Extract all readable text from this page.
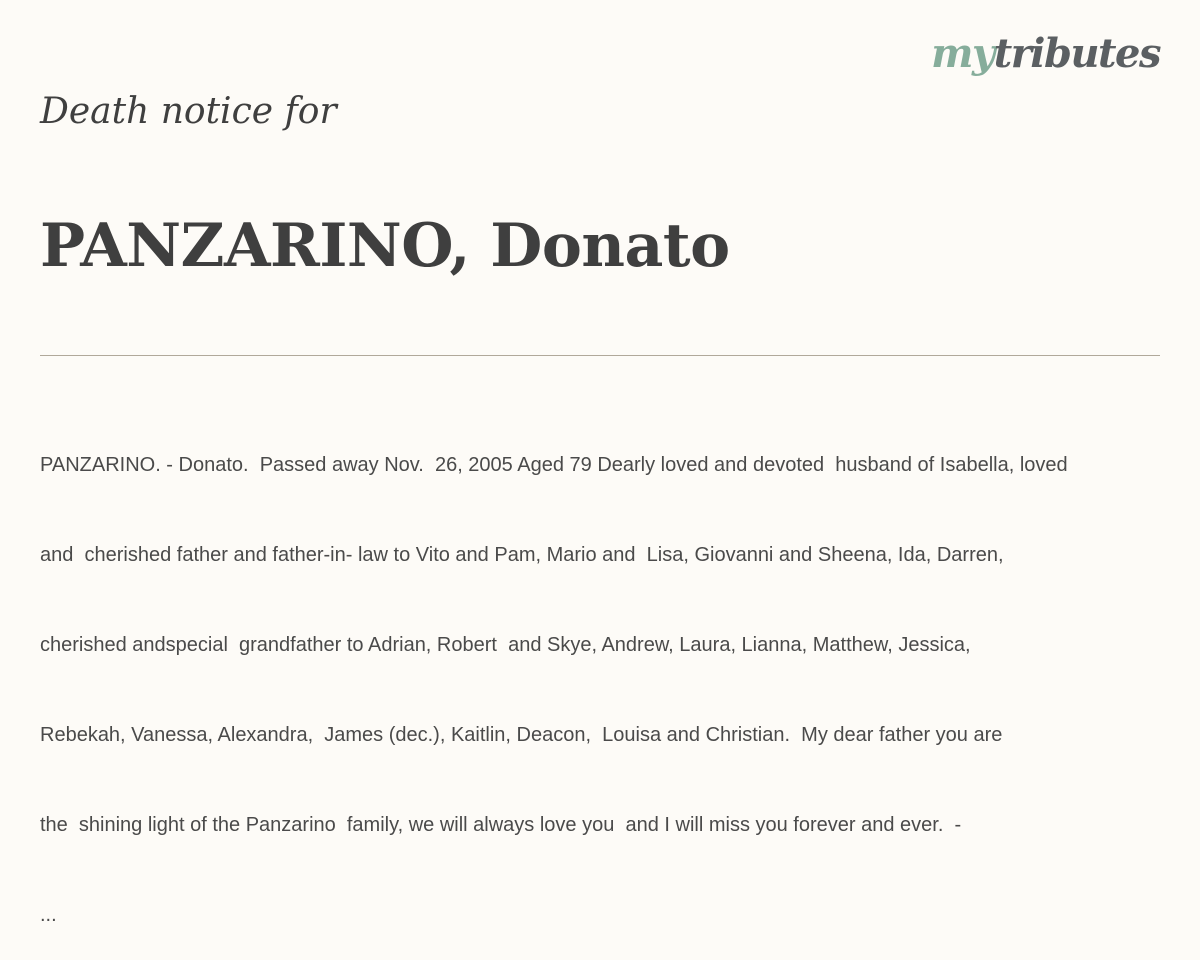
mytributes
Death notice for
PANZARINO, Donato

PANZARINO. - Donato.  Passed away Nov.  26, 2005 Aged 79 Dearly loved and devoted  husband of Isabella, loved

and  cherished father and father-in- law to Vito and Pam, Mario and  Lisa, Giovanni and Sheena, Ida, Darren,

cherished andspecial  grandfather to Adrian, Robert  and Skye, Andrew, Laura, Lianna, Matthew, Jessica,

Rebekah, Vanessa, Alexandra,  James (dec.), Kaitlin, Deacon,  Louisa and Christian.  My dear father you are

the  shining light of the Panzarino  family, we will always love you  and I will miss you forever and ever.  -

...
